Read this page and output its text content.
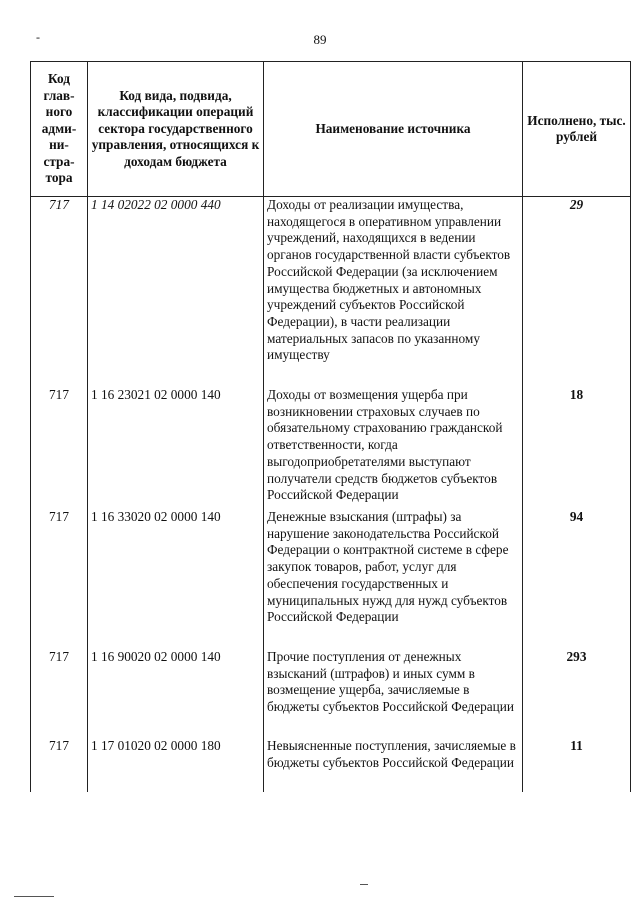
-	89
Код глав-ного адми-ни-стра-тора	Код вида, подвида, классификации операций сектора государственного управления, относящихся к доходам бюджета	Наименование источника	Исполнено, тыс. рублей
717	1 14 02022 02 0000 440	Доходы от реализации имущества, находящегося в оперативном управлении учреждений, находящихся в ведении органов государственной власти субъектов Российской Федерации (за исключением имущества бюджетных и автономных учреждений субъектов Российской Федерации), в части реализации материальных запасов по указанному имуществу	29
717	1 16 23021 02 0000 140	Доходы от возмещения ущерба при возникновении страховых случаев по обязательному страхованию гражданской ответственности, когда выгодоприобретателями выступают получатели средств бюджетов субъектов Российской Федерации	18
717	1 16 33020 02 0000 140	Денежные взыскания (штрафы) за нарушение законодательства Российской Федерации о контрактной системе в сфере закупок товаров, работ, услуг для обеспечения государственных и муниципальных нужд для нужд субъектов Российской Федерации	94
717	1 16 90020 02 0000 140	Прочие поступления от денежных взысканий (штрафов) и иных сумм в возмещение ущерба, зачисляемые в бюджеты субъектов Российской Федерации	293
717	1 17 01020 02 0000 180	Невыясненные поступления, зачисляемые в бюджеты субъектов Российской Федерации	11
